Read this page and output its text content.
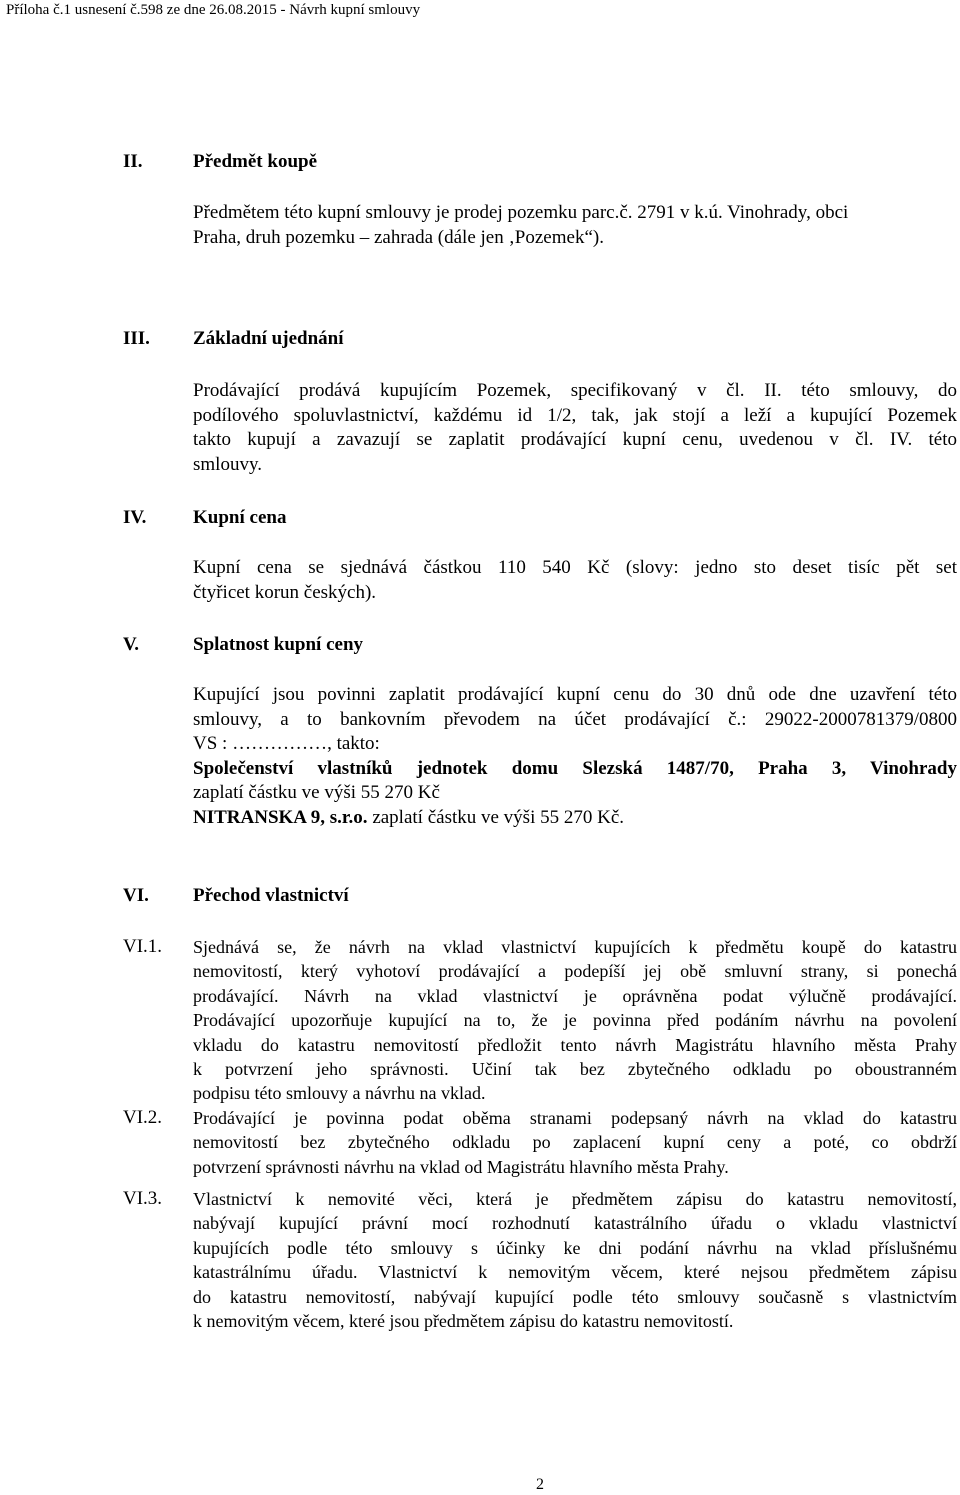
Příloha č.1 usnesení č.598 ze dne 26.08.2015 - Návrh kupní smlouvy
II.	Předmět koupě
Předmětem této kupní smlouvy je prodej pozemku parc.č. 2791 v k.ú. Vinohrady, obci
Praha, druh pozemku – zahrada (dále jen ‚Pozemek“).
III. Základní ujednání
Prodávající prodává kupujícím Pozemek, specifikovaný v čl. II. této smlouvy, do
podílového spoluvlastnictví, každému id 1/2, tak, jak stojí a leží a kupující Pozemek
takto kupují a zavazují se zaplatit prodávající kupní cenu, uvedenou v čl. IV. této
smlouvy.
IV. Kupní cena
Kupní cena se sjednává částkou 110 540 Kč (slovy: jedno sto deset tisíc pět set
čtyřicet korun českých).
V.	Splatnost kupní ceny
Kupující jsou povinni zaplatit prodávající kupní cenu do 30 dnů ode dne uzavření této
smlouvy, a to bankovním převodem na účet prodávající č.: 29022-2000781379/0800
VS : ……………, takto:
Společenství vlastníků jednotek domu Slezská 1487/70, Praha 3, Vinohrady
zaplatí částku ve výši 55 270 Kč
NITRANSKA 9, s.r.o. zaplatí částku ve výši 55 270 Kč.
VI. Přechod vlastnictví
VI.1. Sjednává se, že návrh na vklad vlastnictví kupujících k předmětu koupě do katastru
nemovitostí, který vyhotoví prodávající a podepíší jej obě smluvní strany, si ponechá
prodávající. Návrh na vklad vlastnictví je oprávněna podat výlučně prodávající.
Prodávající upozorňuje kupující na to, že je povinna před podáním návrhu na povolení
vkladu do katastru nemovitostí předložit tento návrh Magistrátu hlavního města Prahy
k potvrzení jeho správnosti. Učiní tak bez zbytečného odkladu po oboustranném
podpisu této smlouvy a návrhu na vklad.
VI.2. Prodávající je povinna podat oběma stranami podepsaný návrh na vklad do katastru
nemovitostí bez zbytečného odkladu po zaplacení kupní ceny a poté, co obdrží
potvrzení správnosti návrhu na vklad od Magistrátu hlavního města Prahy.
VI.3. Vlastnictví k nemovité věci, která je předmětem zápisu do katastru nemovitostí,
nabývají kupující právní mocí rozhodnutí katastrálního úřadu o vkladu vlastnictví
kupujících podle této smlouvy s účinky ke dni podání návrhu na vklad příslušnému
katastrálnímu úřadu. Vlastnictví k nemovitým věcem, které nejsou předmětem zápisu
do katastru nemovitostí, nabývají kupující podle této smlouvy současně s vlastnictvím
k nemovitým věcem, které jsou předmětem zápisu do katastru nemovitostí.
2
